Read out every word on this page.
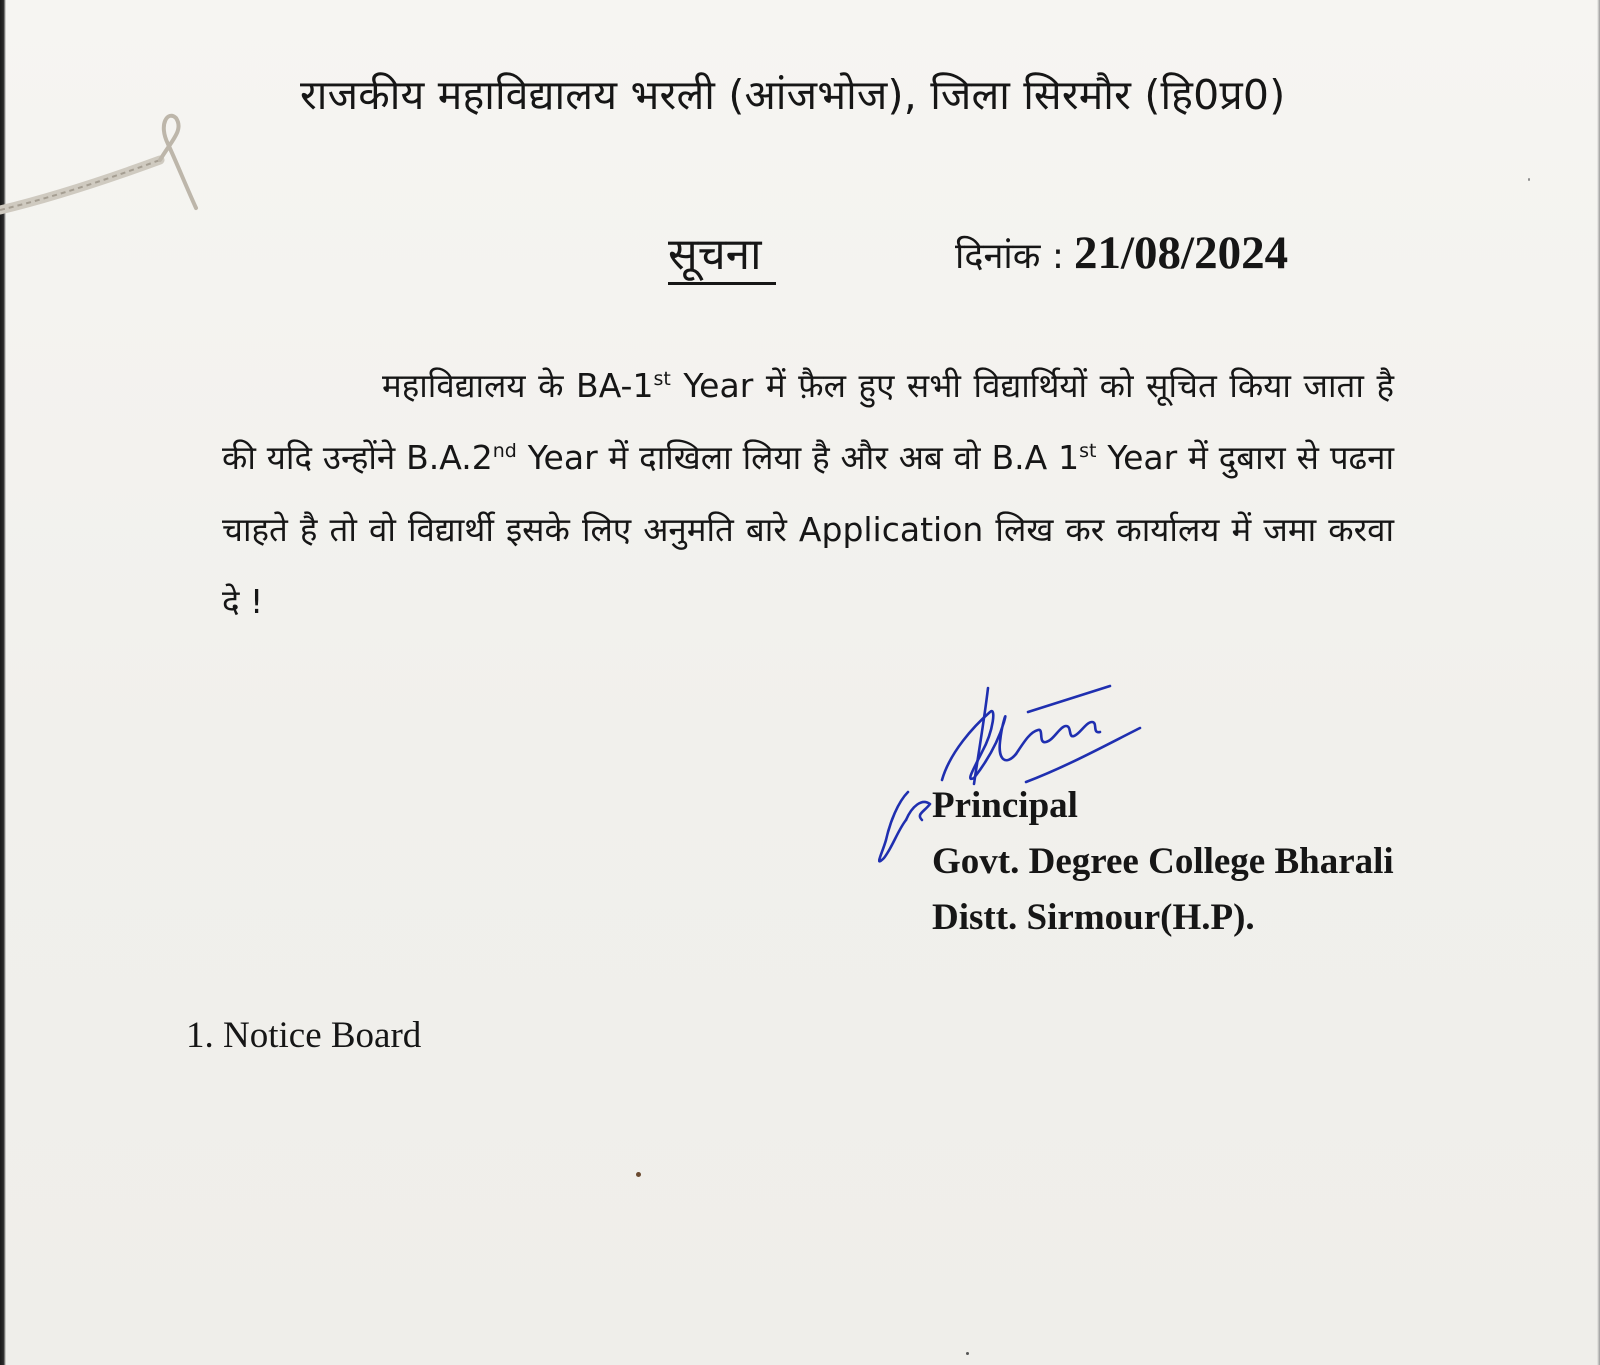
राजकीय महाविद्यालय भरली (आंजभोज), जिला सिरमौर (हि0प्र0)
सूचना	दिनांक : 21/08/2024
महाविद्यालय के BA-1st Year में फ़ैल हुए सभी विद्यार्थियों को सूचित किया जाता है की यदि उन्होंने B.A.2nd Year में दाखिला लिया है और अब वो B.A 1st Year में दुबारा से पढना चाहते है तो वो विद्यार्थी इसके लिए अनुमति बारे Application लिख कर कार्यालय में जमा करवा दे !
Principal
Govt. Degree College Bharali
Distt. Sirmour(H.P).
1. Notice Board
